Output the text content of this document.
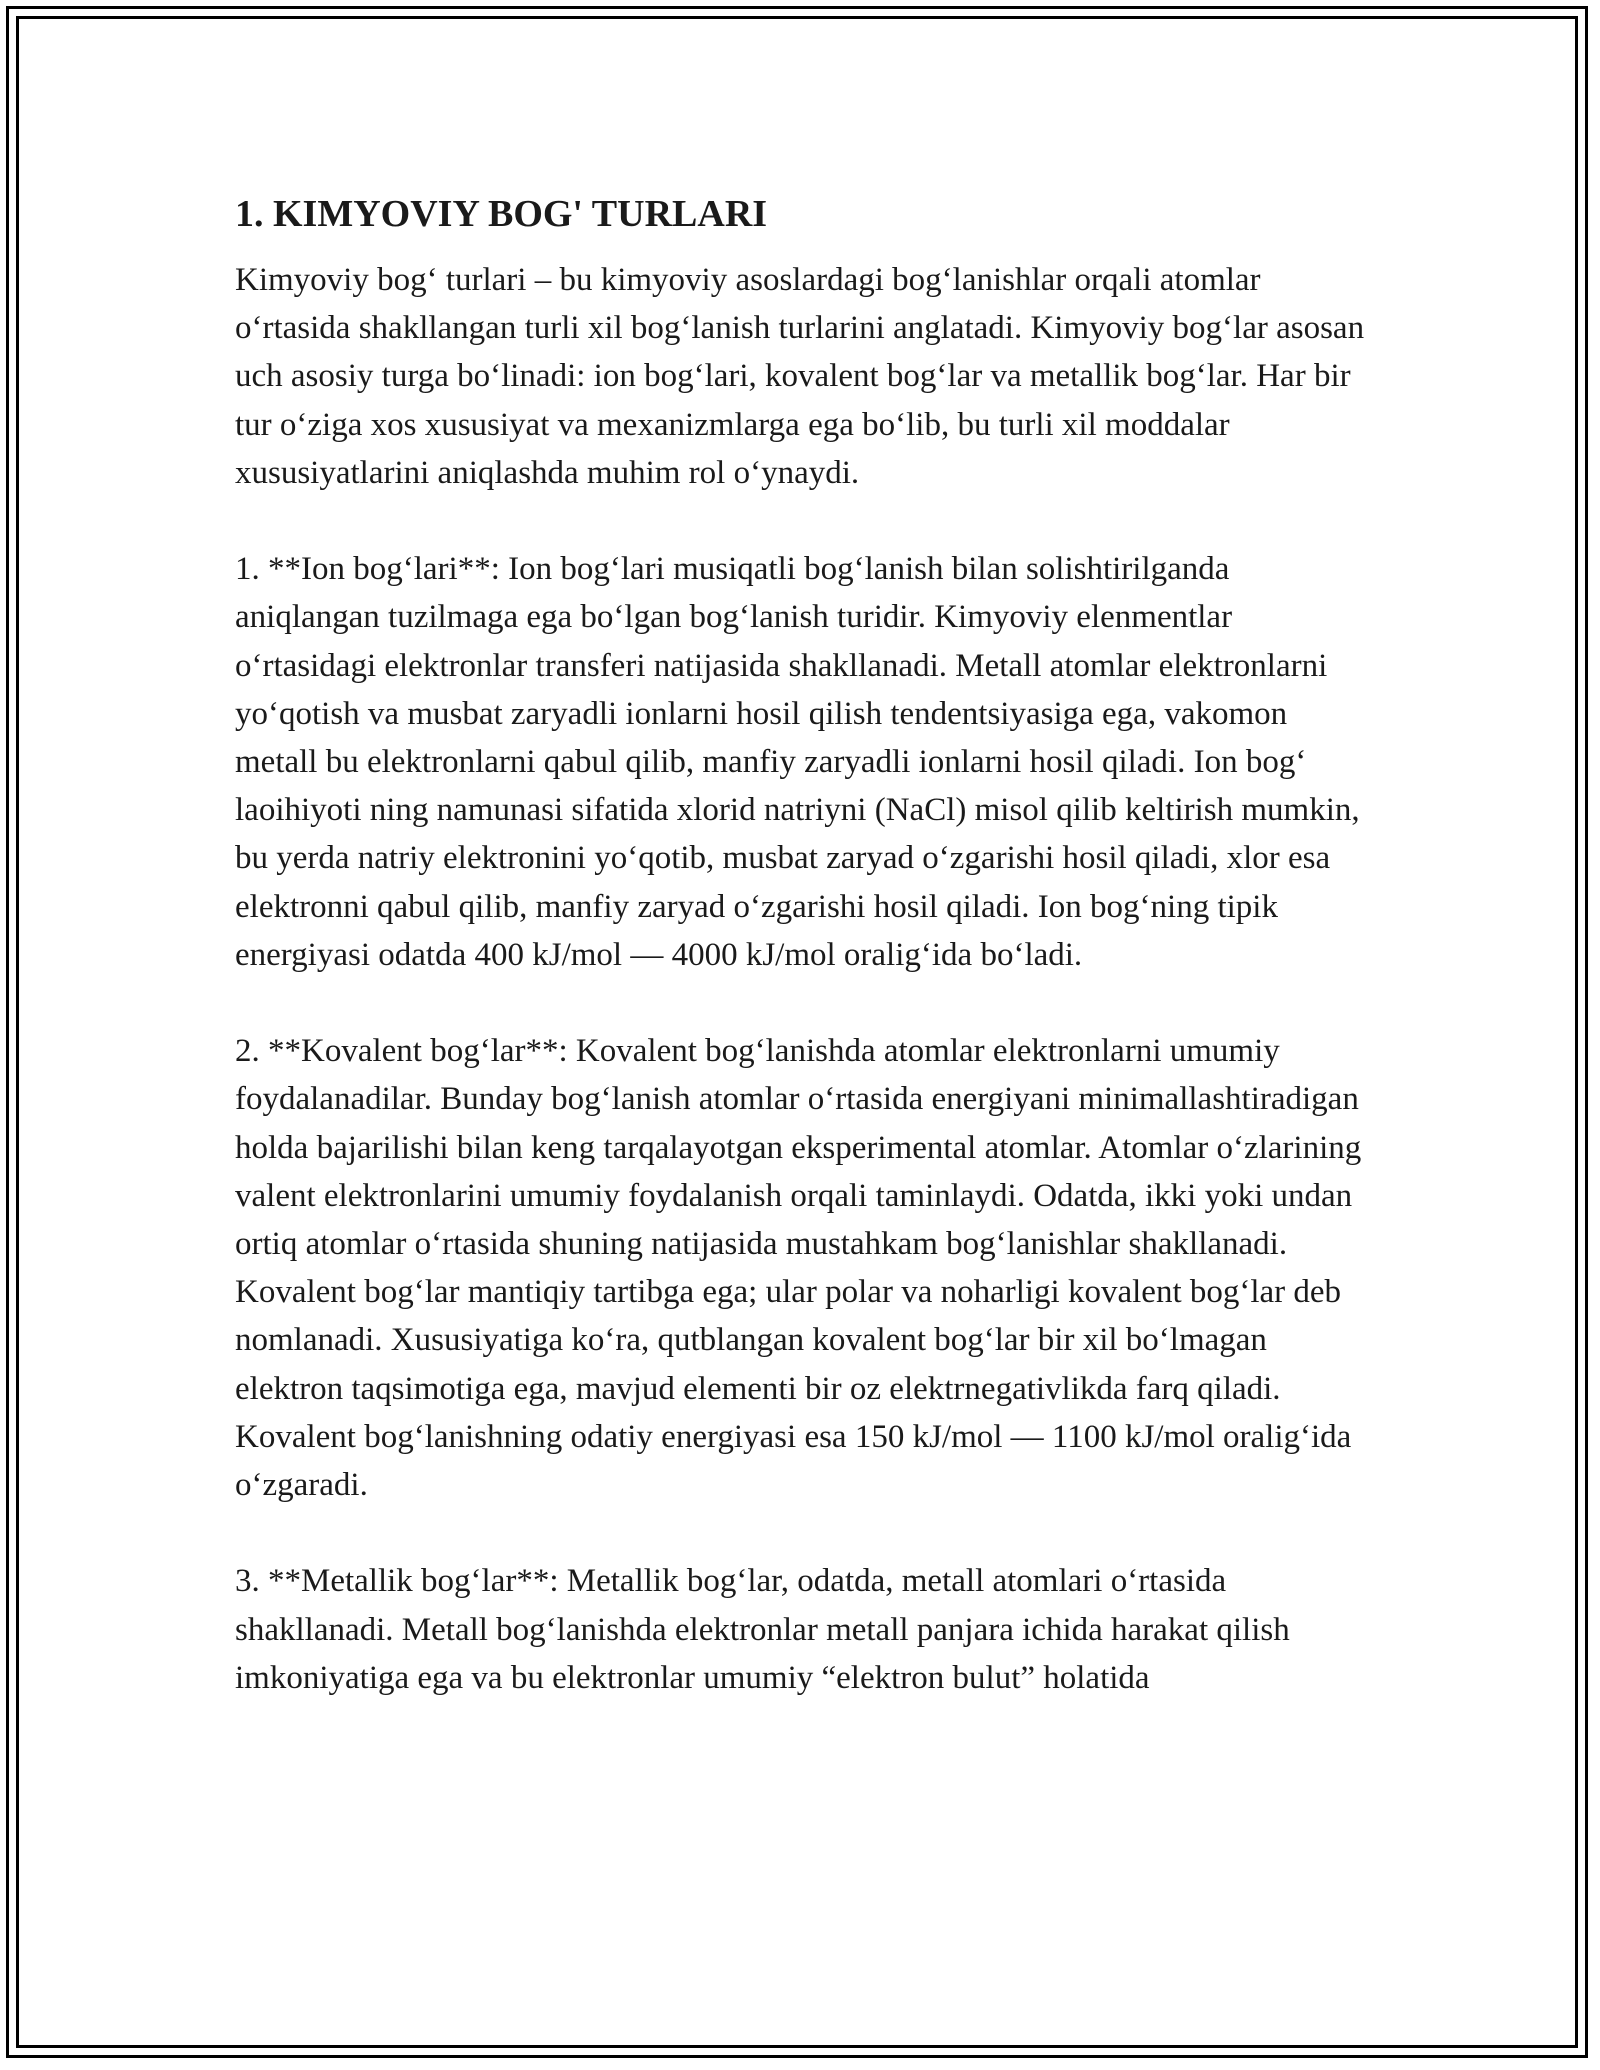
1. KIMYOVIY BOG' TURLARI

Kimyoviy bog‘ turlari – bu kimyoviy asoslardagi bog‘lanishlar orqali atomlar o‘rtasida shakllangan turli xil bog‘lanish turlarini anglatadi. Kimyoviy bog‘lar asosan uch asosiy turga bo‘linadi: ion bog‘lari, kovalent bog‘lar va metallik bog‘lar. Har bir tur o‘ziga xos xususiyat va mexanizmlarga ega bo‘lib, bu turli xil moddalar xususiyatlarini aniqlashda muhim rol o‘ynaydi.

1. **Ion bog‘lari**: Ion bog‘lari musiqatli bog‘lanish bilan solishtirilganda aniqlangan tuzilmaga ega bo‘lgan bog‘lanish turidir. Kimyoviy elenmentlar o‘rtasidagi elektronlar transferi natijasida shakllanadi. Metall atomlar elektronlarni yo‘qotish va musbat zaryadli ionlarni hosil qilish tendentsiyasiga ega, vakomon metall bu elektronlarni qabul qilib, manfiy zaryadli ionlarni hosil qiladi. Ion bog‘ laoihiyoti ning namunasi sifatida xlorid natriyni (NaCl) misol qilib keltirish mumkin, bu yerda natriy elektronini yo‘qotib, musbat zaryad o‘zgarishi hosil qiladi, xlor esa elektronni qabul qilib, manfiy zaryad o‘zgarishi hosil qiladi. Ion bog‘ning tipik energiyasi odatda 400 kJ/mol — 4000 kJ/mol oralig‘ida bo‘ladi.

2. **Kovalent bog‘lar**: Kovalent bog‘lanishda atomlar elektronlarni umumiy foydalanadilar. Bunday bog‘lanish atomlar o‘rtasida energiyani minimallashtiradigan holda bajarilishi bilan keng tarqalayotgan eksperimental atomlar. Atomlar o‘zlarining valent elektronlarini umumiy foydalanish orqali taminlaydi. Odatda, ikki yoki undan ortiq atomlar o‘rtasida shuning natijasida mustahkam bog‘lanishlar shakllanadi. Kovalent bog‘lar mantiqiy tartibga ega; ular polar va noharligi kovalent bog‘lar deb nomlanadi. Xususiyatiga ko‘ra, qutblangan kovalent bog‘lar bir xil bo‘lmagan elektron taqsimotiga ega, mavjud elementi bir oz elektrnegativlikda farq qiladi. Kovalent bog‘lanishning odatiy energiyasi esa 150 kJ/mol — 1100 kJ/mol oralig‘ida o‘zgaradi.

3. **Metallik bog‘lar**: Metallik bog‘lar, odatda, metall atomlari o‘rtasida shakllanadi. Metall bog‘lanishda elektronlar metall panjara ichida harakat qilish imkoniyatiga ega va bu elektronlar umumiy “elektron bulut” holatida
